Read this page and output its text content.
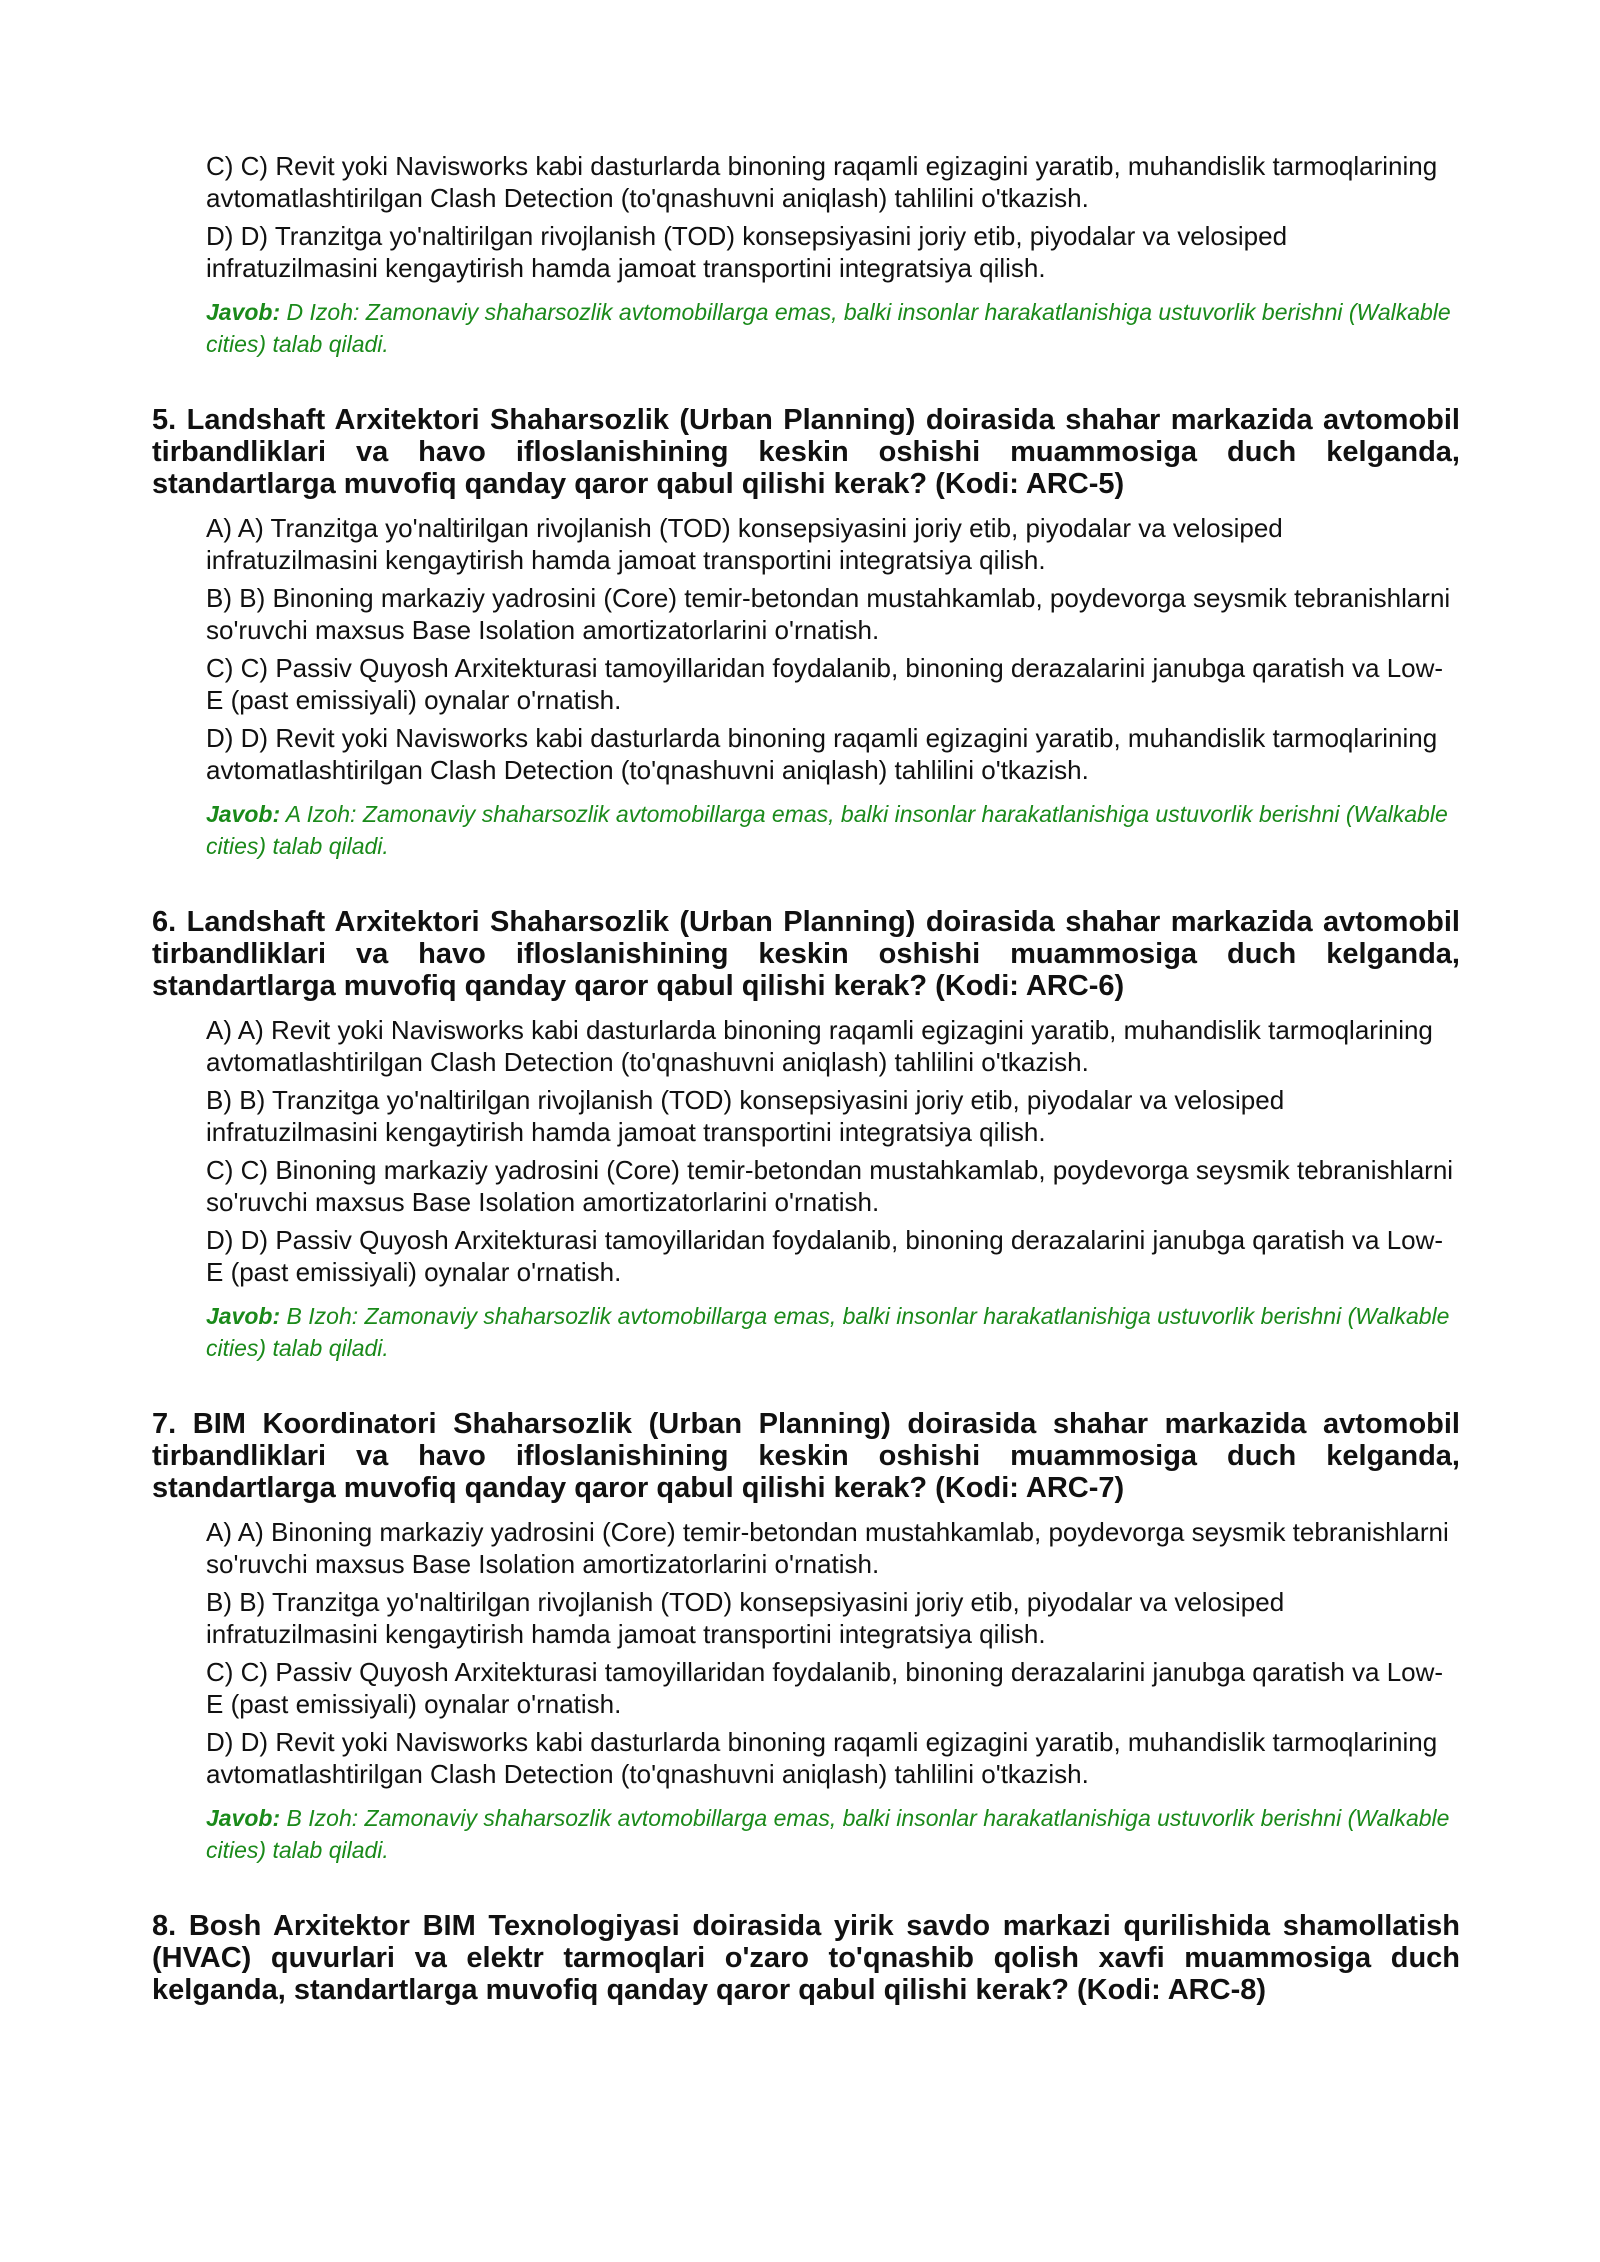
C) C) Revit yoki Navisworks kabi dasturlarda binoning raqamli egizagini yaratib, muhandislik tarmoqlarining avtomatlashtirilgan Clash Detection (to'qnashuvni aniqlash) tahlilini o'tkazish.
D) D) Tranzitga yo'naltirilgan rivojlanish (TOD) konsepsiyasini joriy etib, piyodalar va velosiped infratuzilmasini kengaytirish hamda jamoat transportini integratsiya qilish.
Javob: D Izoh: Zamonaviy shaharsozlik avtomobillarga emas, balki insonlar harakatlanishiga ustuvorlik berishni (Walkable cities) talab qiladi.
5. Landshaft Arxitektori Shaharsozlik (Urban Planning) doirasida shahar markazida avtomobil tirbandliklari va havo ifloslanishining keskin oshishi muammosiga duch kelganda, standartlarga muvofiq qanday qaror qabul qilishi kerak? (Kodi: ARC-5)
A) A) Tranzitga yo'naltirilgan rivojlanish (TOD) konsepsiyasini joriy etib, piyodalar va velosiped infratuzilmasini kengaytirish hamda jamoat transportini integratsiya qilish.
B) B) Binoning markaziy yadrosini (Core) temir-betondan mustahkamlab, poydevorga seysmik tebranishlarni so'ruvchi maxsus Base Isolation amortizatorlarini o'rnatish.
C) C) Passiv Quyosh Arxitekturasi tamoyillaridan foydalanib, binoning derazalarini janubga qaratish va Low-E (past emissiyali) oynalar o'rnatish.
D) D) Revit yoki Navisworks kabi dasturlarda binoning raqamli egizagini yaratib, muhandislik tarmoqlarining avtomatlashtirilgan Clash Detection (to'qnashuvni aniqlash) tahlilini o'tkazish.
Javob: A Izoh: Zamonaviy shaharsozlik avtomobillarga emas, balki insonlar harakatlanishiga ustuvorlik berishni (Walkable cities) talab qiladi.
6. Landshaft Arxitektori Shaharsozlik (Urban Planning) doirasida shahar markazida avtomobil tirbandliklari va havo ifloslanishining keskin oshishi muammosiga duch kelganda, standartlarga muvofiq qanday qaror qabul qilishi kerak? (Kodi: ARC-6)
A) A) Revit yoki Navisworks kabi dasturlarda binoning raqamli egizagini yaratib, muhandislik tarmoqlarining avtomatlashtirilgan Clash Detection (to'qnashuvni aniqlash) tahlilini o'tkazish.
B) B) Tranzitga yo'naltirilgan rivojlanish (TOD) konsepsiyasini joriy etib, piyodalar va velosiped infratuzilmasini kengaytirish hamda jamoat transportini integratsiya qilish.
C) C) Binoning markaziy yadrosini (Core) temir-betondan mustahkamlab, poydevorga seysmik tebranishlarni so'ruvchi maxsus Base Isolation amortizatorlarini o'rnatish.
D) D) Passiv Quyosh Arxitekturasi tamoyillaridan foydalanib, binoning derazalarini janubga qaratish va Low-E (past emissiyali) oynalar o'rnatish.
Javob: B Izoh: Zamonaviy shaharsozlik avtomobillarga emas, balki insonlar harakatlanishiga ustuvorlik berishni (Walkable cities) talab qiladi.
7. BIM Koordinatori Shaharsozlik (Urban Planning) doirasida shahar markazida avtomobil tirbandliklari va havo ifloslanishining keskin oshishi muammosiga duch kelganda, standartlarga muvofiq qanday qaror qabul qilishi kerak? (Kodi: ARC-7)
A) A) Binoning markaziy yadrosini (Core) temir-betondan mustahkamlab, poydevorga seysmik tebranishlarni so'ruvchi maxsus Base Isolation amortizatorlarini o'rnatish.
B) B) Tranzitga yo'naltirilgan rivojlanish (TOD) konsepsiyasini joriy etib, piyodalar va velosiped infratuzilmasini kengaytirish hamda jamoat transportini integratsiya qilish.
C) C) Passiv Quyosh Arxitekturasi tamoyillaridan foydalanib, binoning derazalarini janubga qaratish va Low-E (past emissiyali) oynalar o'rnatish.
D) D) Revit yoki Navisworks kabi dasturlarda binoning raqamli egizagini yaratib, muhandislik tarmoqlarining avtomatlashtirilgan Clash Detection (to'qnashuvni aniqlash) tahlilini o'tkazish.
Javob: B Izoh: Zamonaviy shaharsozlik avtomobillarga emas, balki insonlar harakatlanishiga ustuvorlik berishni (Walkable cities) talab qiladi.
8. Bosh Arxitektor BIM Texnologiyasi doirasida yirik savdo markazi qurilishida shamollatish (HVAC) quvurlari va elektr tarmoqlari o'zaro to'qnashib qolish xavfi muammosiga duch kelganda, standartlarga muvofiq qanday qaror qabul qilishi kerak? (Kodi: ARC-8)
